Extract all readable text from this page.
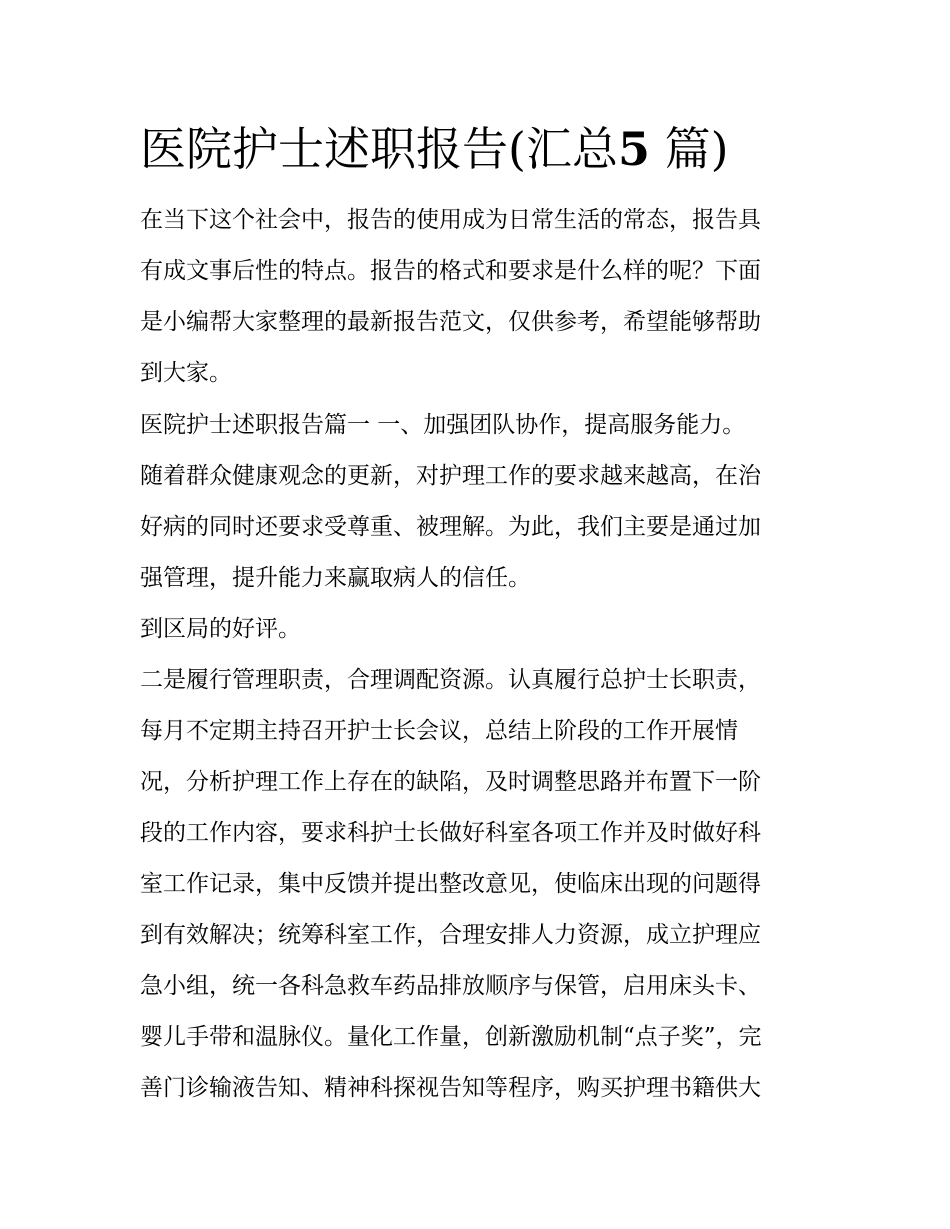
医院护士述职报告(汇总5 篇)

在当下这个社会中，报告的使用成为日常生活的常态，报告具

有成文事后性的特点。报告的格式和要求是什么样的呢？下面

是小编帮大家整理的最新报告范文，仅供参考，希望能够帮助

到大家。

医院护士述职报告篇一 一、加强团队协作，提高服务能力。

随着群众健康观念的更新，对护理工作的要求越来越高，在治

好病的同时还要求受尊重、被理解。为此，我们主要是通过加

强管理，提升能力来赢取病人的信任。

到区局的好评。

二是履行管理职责，合理调配资源。认真履行总护士长职责，

每月不定期主持召开护士长会议，总结上阶段的工作开展情

况，分析护理工作上存在的缺陷，及时调整思路并布置下一阶

段的工作内容，要求科护士长做好科室各项工作并及时做好科

室工作记录，集中反馈并提出整改意见，使临床出现的问题得

到有效解决；统筹科室工作，合理安排人力资源，成立护理应

急小组，统一各科急救车药品排放顺序与保管，启用床头卡、

婴儿手带和温脉仪。量化工作量，创新激励机制“点子奖”，完

善门诊输液告知、精神科探视告知等程序，购买护理书籍供大
